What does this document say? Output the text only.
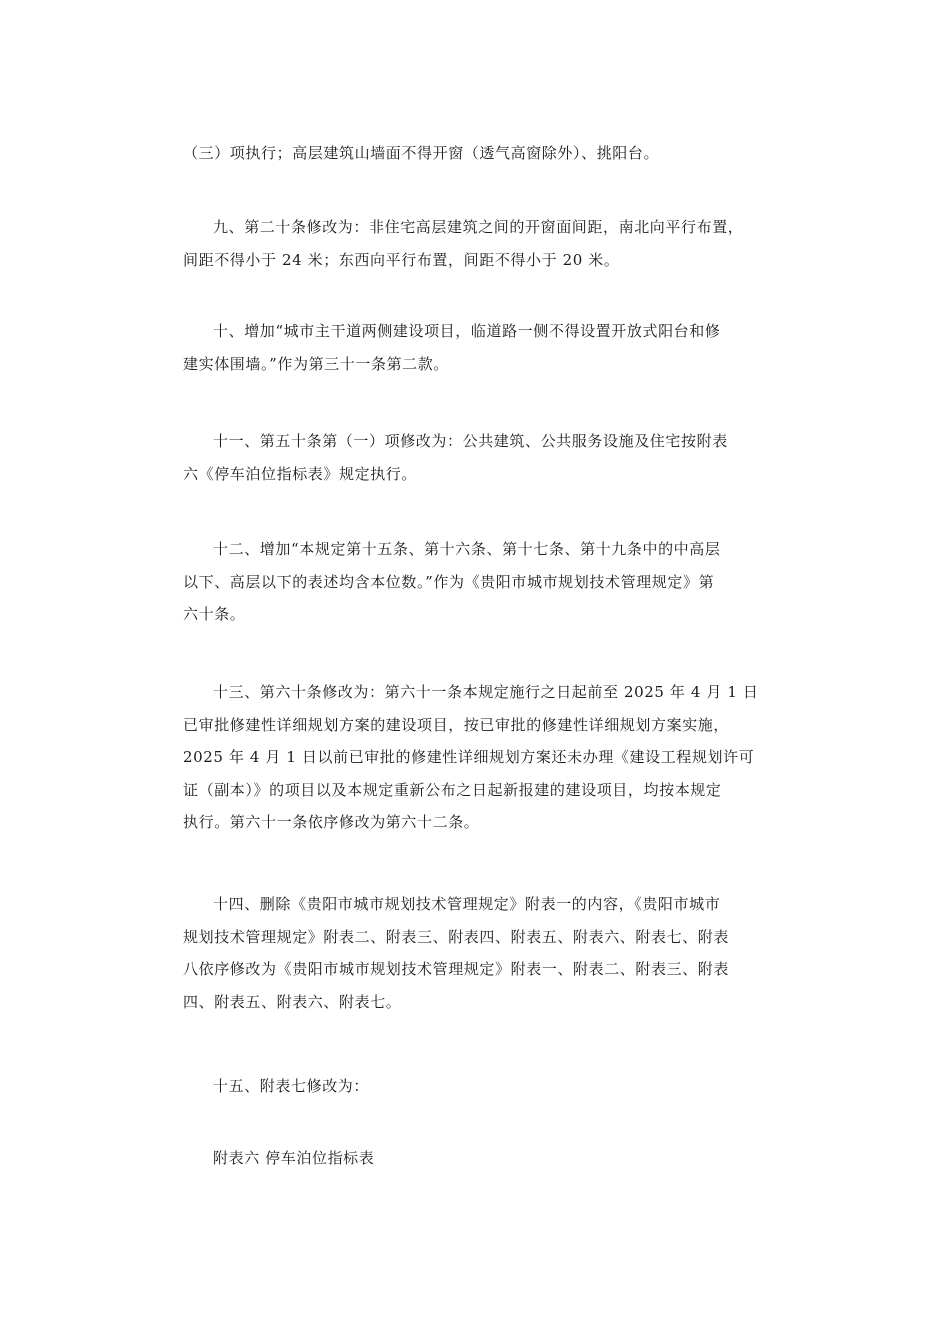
（三）项执行；高层建筑山墙面不得开窗（透气高窗除外）、挑阳台。

九、第二十条修改为：非住宅高层建筑之间的开窗面间距，南北向平行布置，
间距不得小于 24 米；东西向平行布置，间距不得小于 20 米。

十、增加“城市主干道两侧建设项目，临道路一侧不得设置开放式阳台和修
建实体围墙。”作为第三十一条第二款。

十一、第五十条第（一）项修改为：公共建筑、公共服务设施及住宅按附表
六《停车泊位指标表》规定执行。

十二、增加“本规定第十五条、第十六条、第十七条、第十九条中的中高层
以下、高层以下的表述均含本位数。”作为《贵阳市城市规划技术管理规定》第
六十条。

十三、第六十条修改为：第六十一条本规定施行之日起前至 2025 年 4 月 1 日
已审批修建性详细规划方案的建设项目，按已审批的修建性详细规划方案实施，
2025 年 4 月 1 日以前已审批的修建性详细规划方案还未办理《建设工程规划许可
证（副本）》的项目以及本规定重新公布之日起新报建的建设项目，均按本规定
执行。第六十一条依序修改为第六十二条。

十四、删除《贵阳市城市规划技术管理规定》附表一的内容，《贵阳市城市
规划技术管理规定》附表二、附表三、附表四、附表五、附表六、附表七、附表
八依序修改为《贵阳市城市规划技术管理规定》附表一、附表二、附表三、附表
四、附表五、附表六、附表七。

十五、附表七修改为：

附表六 停车泊位指标表
